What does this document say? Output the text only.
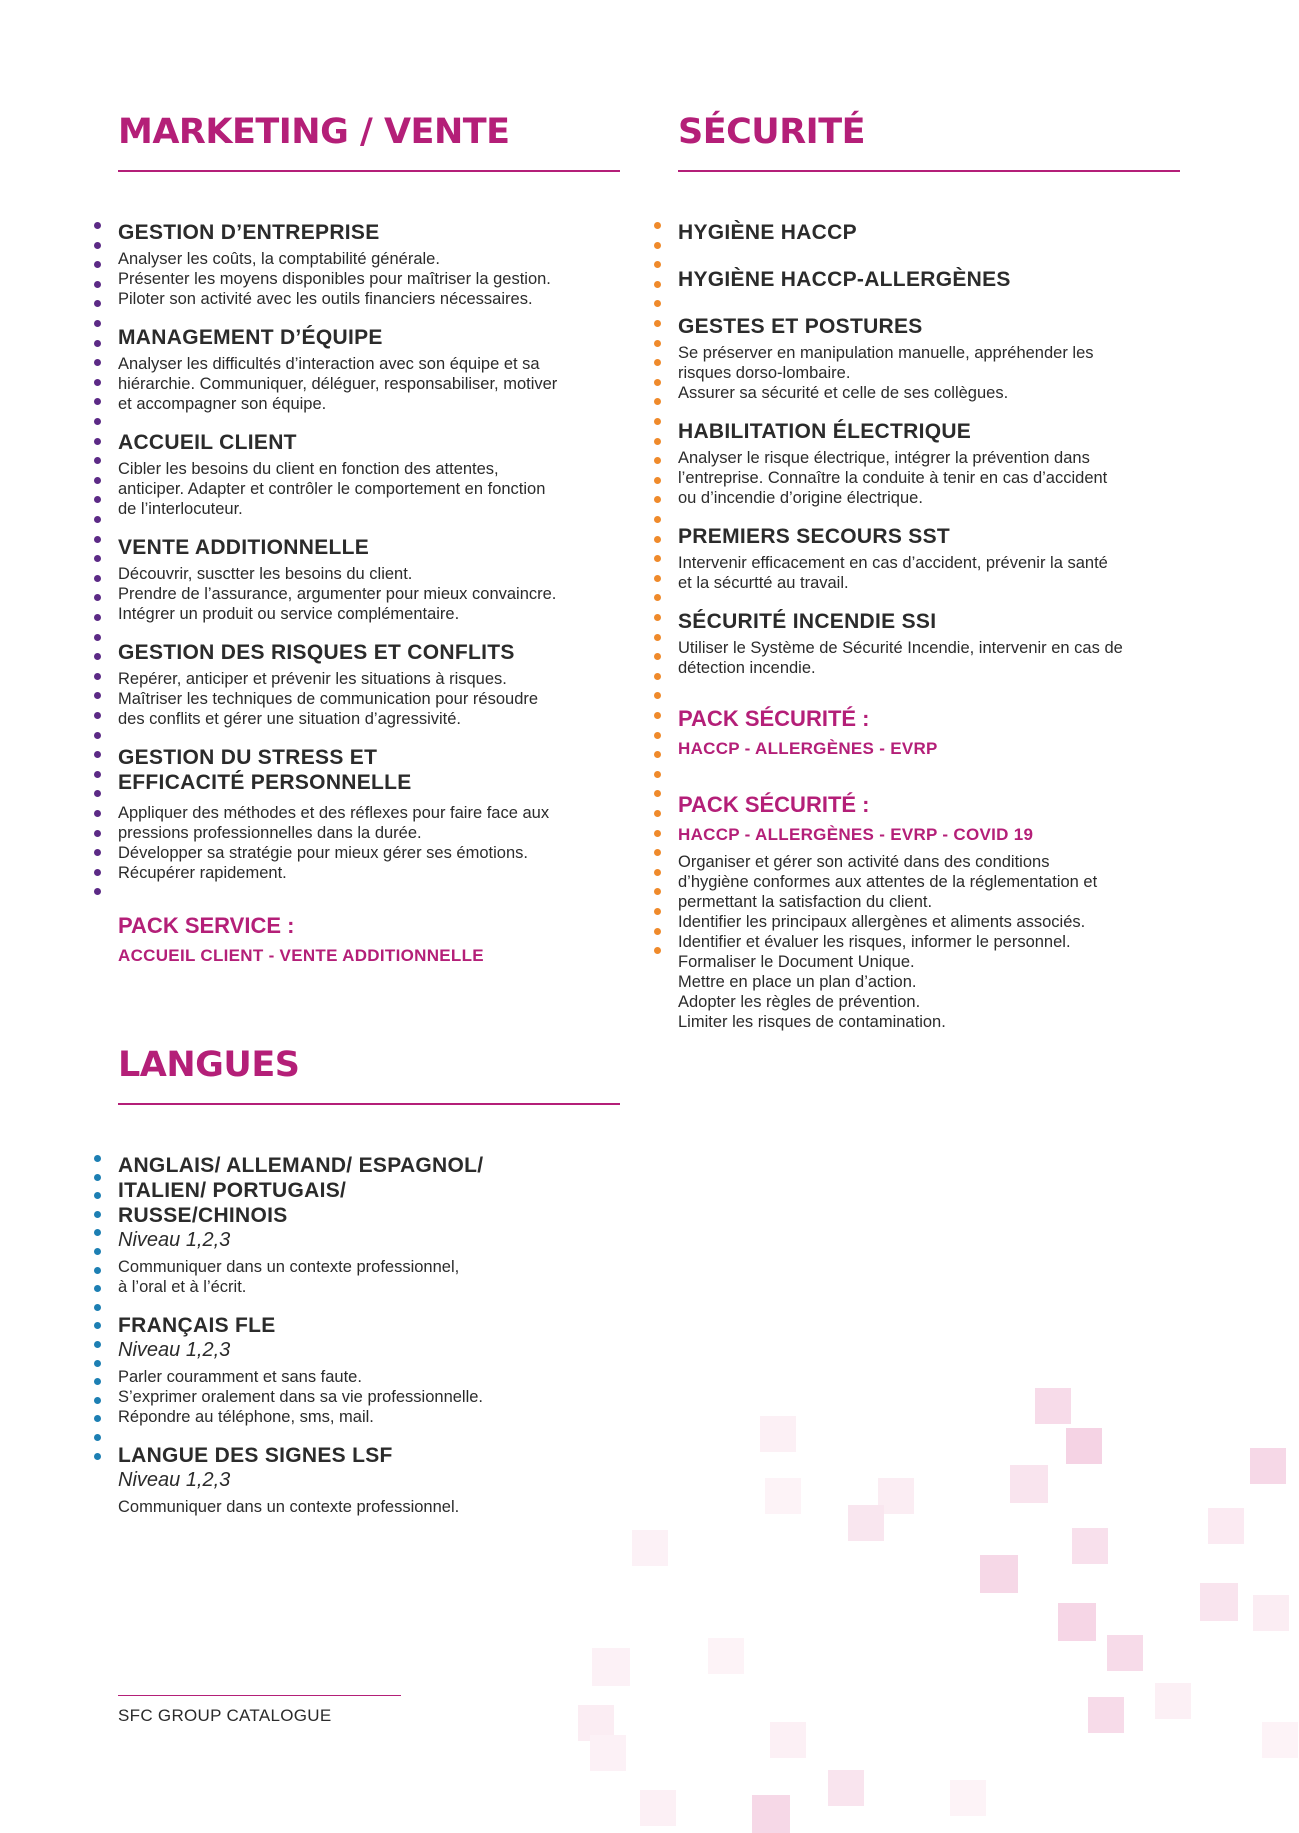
MARKETING / VENTE

GESTION D’ENTREPRISE

Analyser les coûts, la comptabilité générale.
Présenter les moyens disponibles pour maîtriser la gestion.
Piloter son activité avec les outils financiers nécessaires.

MANAGEMENT D’ÉQUIPE

Analyser les difficultés d’interaction avec son équipe et sa
hiérarchie. Communiquer, déléguer, responsabiliser, motiver
et accompagner son équipe.

ACCUEIL CLIENT

Cibler les besoins du client en fonction des attentes,
anticiper. Adapter et contrôler le comportement en fonction
de l’interlocuteur.

VENTE ADDITIONNELLE

Découvrir, susctter les besoins du client.
Prendre de l’assurance, argumenter pour mieux convaincre.
Intégrer un produit ou service complémentaire.

GESTION DES RISQUES ET CONFLITS

Repérer, anticiper et prévenir les situations à risques.
Maîtriser les techniques de communication pour résoudre
des conflits et gérer une situation d’agressivité.

GESTION DU STRESS ET
EFFICACITÉ PERSONNELLE

Appliquer des méthodes et des réflexes pour faire face aux
pressions professionnelles dans la durée.
Développer sa stratégie pour mieux gérer ses émotions.
Récupérer rapidement.

PACK SERVICE :

ACCUEIL CLIENT - VENTE ADDITIONNELLE

LANGUES

ANGLAIS/ ALLEMAND/ ESPAGNOL/
ITALIEN/ PORTUGAIS/
RUSSE/CHINOIS

Niveau 1,2,3

Communiquer dans un contexte professionnel,
à l’oral et à l’écrit.

FRANÇAIS FLE

Niveau 1,2,3

Parler couramment et sans faute.
S’exprimer oralement dans sa vie professionnelle.
Répondre au téléphone, sms, mail.

LANGUE DES SIGNES LSF

Niveau 1,2,3

Communiquer dans un contexte professionnel.

SÉCURITÉ

HYGIÈNE HACCP

HYGIÈNE HACCP-ALLERGÈNES

GESTES ET POSTURES

Se préserver en manipulation manuelle, appréhender les
risques dorso-lombaire.
Assurer sa sécurité et celle de ses collègues.

HABILITATION ÉLECTRIQUE

Analyser le risque électrique, intégrer la prévention dans
l’entreprise. Connaître la conduite à tenir en cas d’accident
ou d’incendie d’origine électrique.

PREMIERS SECOURS SST

Intervenir efficacement en cas d’accident, prévenir la santé
et la sécurtté au travail.

SÉCURITÉ INCENDIE SSI

Utiliser le Système de Sécurité Incendie, intervenir en cas de
détection incendie.

PACK SÉCURITÉ :

HACCP - ALLERGÈNES - EVRP

PACK SÉCURITÉ :

HACCP - ALLERGÈNES - EVRP - COVID 19

Organiser et gérer son activité dans des conditions
d’hygiène conformes aux attentes de la réglementation et
permettant la satisfaction du client.
Identifier les principaux allergènes et aliments associés.
Identifier et évaluer les risques, informer le personnel.
Formaliser le Document Unique.
Mettre en place un plan d’action.
Adopter les règles de prévention.
Limiter les risques de contamination.

SFC GROUP CATALOGUE
